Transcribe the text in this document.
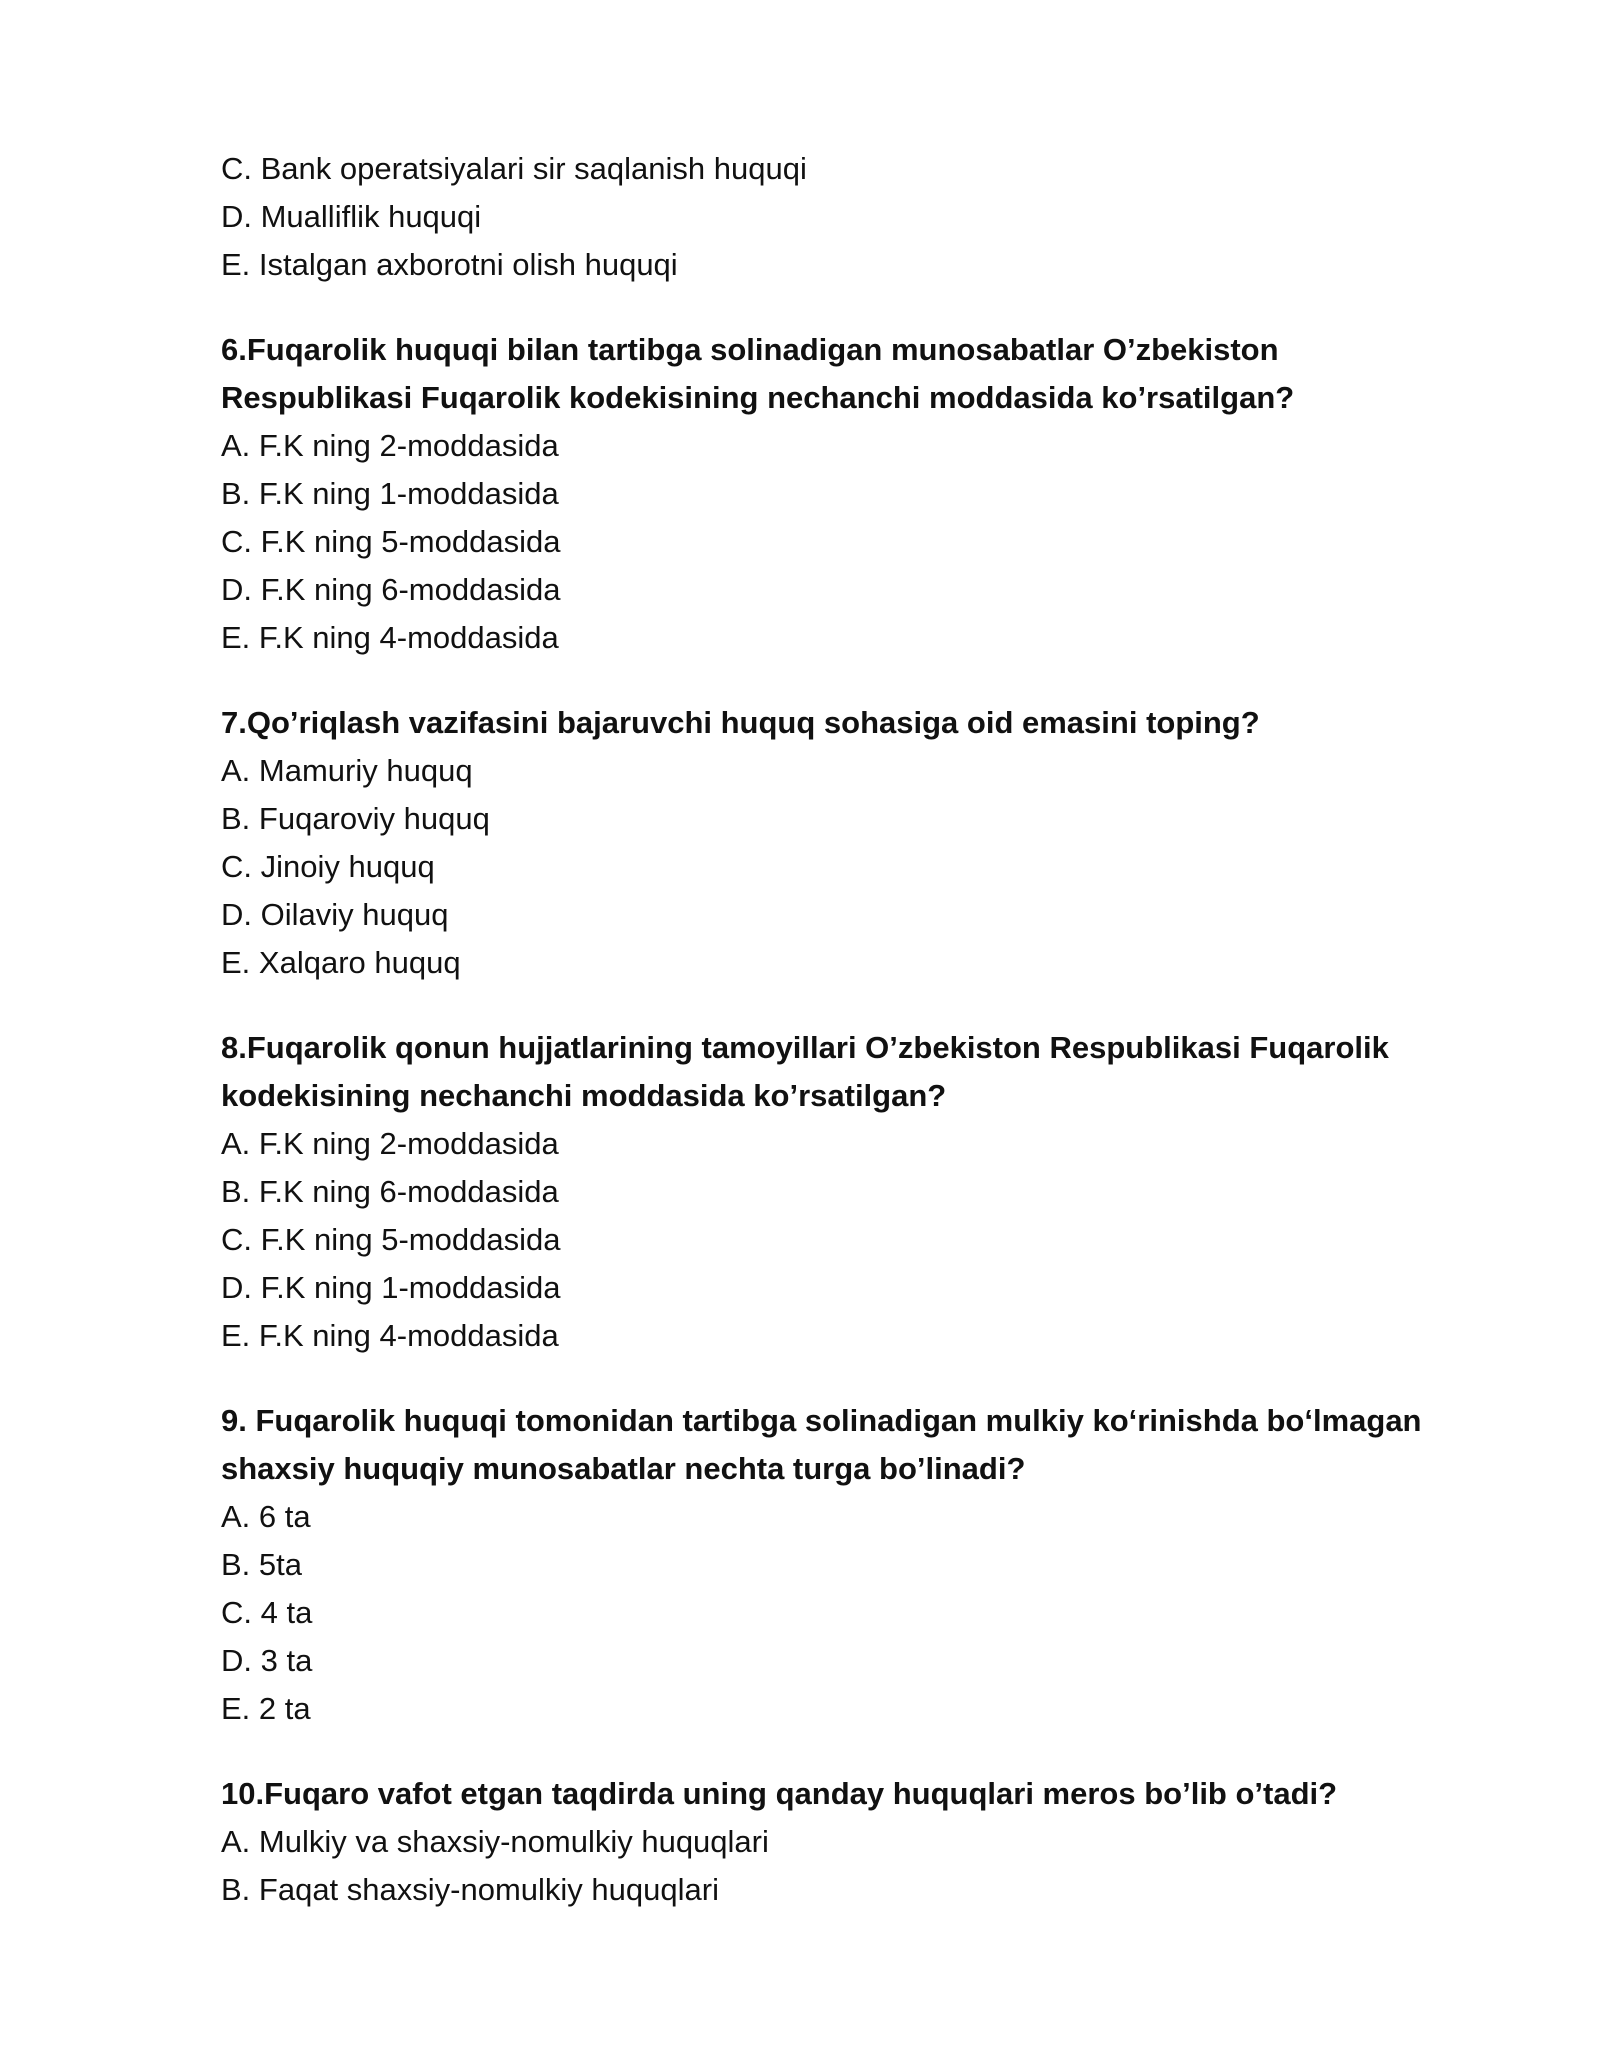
C. Bank operatsiyalari sir saqlanish huquqi
D. Mualliflik huquqi
E. Istalgan axborotni olish huquqi
6.Fuqarolik huquqi bilan tartibga solinadigan munosabatlar O’zbekiston
Respublikasi Fuqarolik kodekisining nechanchi moddasida ko’rsatilgan?
A. F.K ning 2-moddasida
B. F.K ning 1-moddasida
C. F.K ning 5-moddasida
D. F.K ning 6-moddasida
E. F.K ning 4-moddasida
7.Qo’riqlash vazifasini bajaruvchi huquq sohasiga oid emasini toping?
A. Mamuriy huquq
B. Fuqaroviy huquq
C. Jinoiy huquq
D. Oilaviy huquq
E. Xalqaro huquq
8.Fuqarolik qonun hujjatlarining tamoyillari O’zbekiston Respublikasi Fuqarolik
kodekisining nechanchi moddasida ko’rsatilgan?
A. F.K ning 2-moddasida
B. F.K ning 6-moddasida
C. F.K ning 5-moddasida
D. F.K ning 1-moddasida
E. F.K ning 4-moddasida
9. Fuqarolik huquqi tomonidan tartibga solinadigan mulkiy ko‘rinishda bo‘lmagan
shaxsiy huquqiy munosabatlar nechta turga bo’linadi?
A. 6 ta
B. 5ta
C. 4 ta
D. 3 ta
E. 2 ta
10.Fuqaro vafot etgan taqdirda uning qanday huquqlari meros bo’lib o’tadi?
A. Mulkiy va shaxsiy-nomulkiy huquqlari
B. Faqat shaxsiy-nomulkiy huquqlari
